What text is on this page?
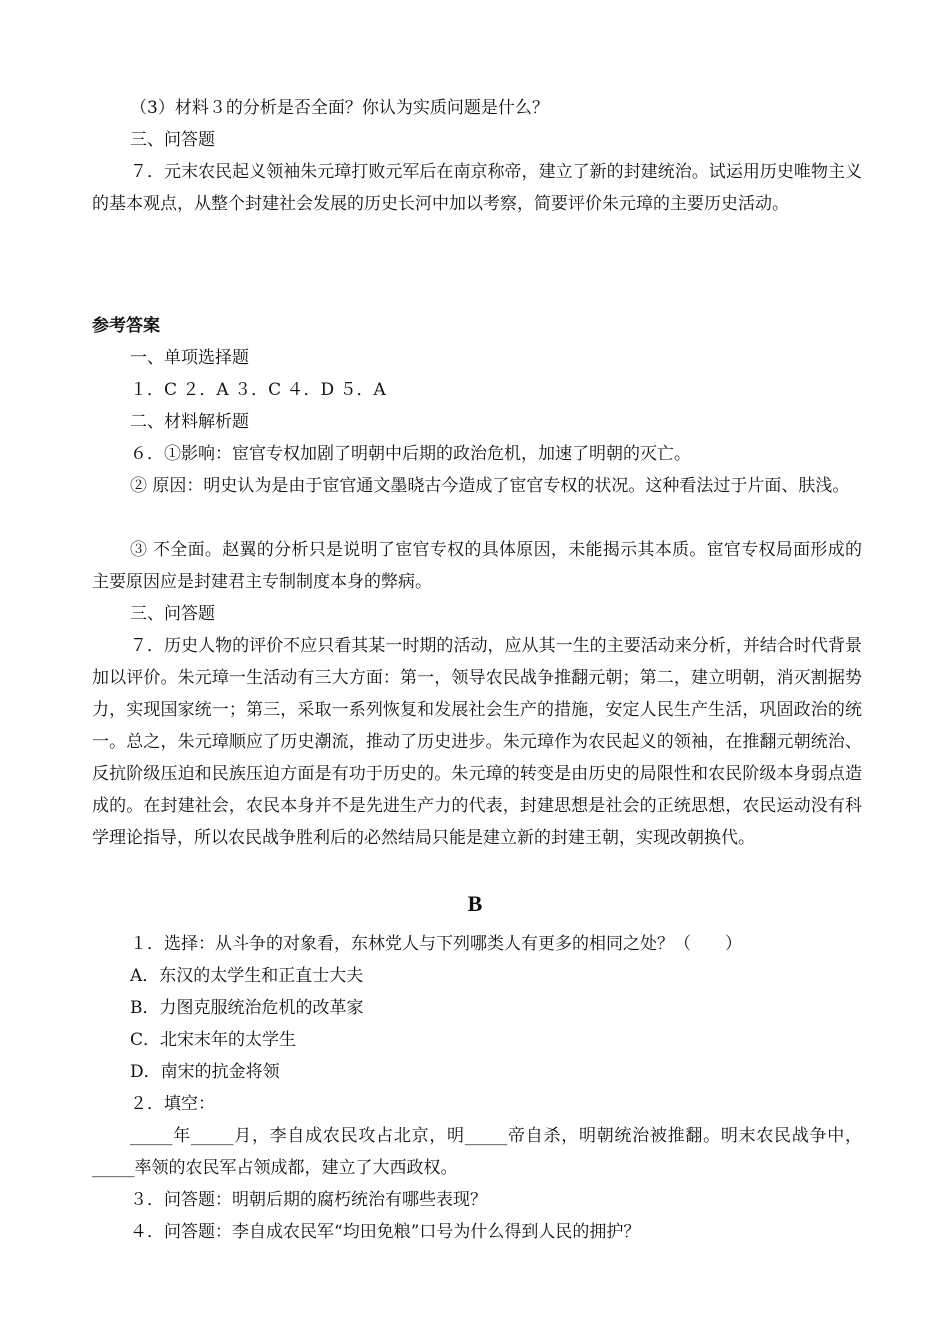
（3）材料３的分析是否全面？你认为实质问题是什么？
三、问答题
７．元末农民起义领袖朱元璋打败元军后在南京称帝，建立了新的封建统治。试运用历史唯物主义的基本观点，从整个封建社会发展的历史长河中加以考察，简要评价朱元璋的主要历史活动。
参考答案
一、单项选择题
１．C ２．A ３．C ４．D ５．A
二、材料解析题
６．①影响：宦官专权加剧了明朝中后期的政治危机，加速了明朝的灭亡。
② 原因：明史认为是由于宦官通文墨晓古今造成了宦官专权的状况。这种看法过于片面、肤浅。
③ 不全面。赵翼的分析只是说明了宦官专权的具体原因，未能揭示其本质。宦官专权局面形成的主要原因应是封建君主专制制度本身的弊病。
三、问答题
７．历史人物的评价不应只看其某一时期的活动，应从其一生的主要活动来分析，并结合时代背景加以评价。朱元璋一生活动有三大方面：第一，领导农民战争推翻元朝；第二，建立明朝，消灭割据势力，实现国家统一；第三，采取一系列恢复和发展社会生产的措施，安定人民生产生活，巩固政治的统一。总之，朱元璋顺应了历史潮流，推动了历史进步。朱元璋作为农民起义的领袖，在推翻元朝统治、反抗阶级压迫和民族压迫方面是有功于历史的。朱元璋的转变是由历史的局限性和农民阶级本身弱点造成的。在封建社会，农民本身并不是先进生产力的代表，封建思想是社会的正统思想，农民运动没有科学理论指导，所以农民战争胜利后的必然结局只能是建立新的封建王朝，实现改朝换代。
B
１．选择：从斗争的对象看，东林党人与下列哪类人有更多的相同之处？（　　）
A．东汉的太学生和正直士大夫
B．力图克服统治危机的改革家
C．北宋末年的太学生
D．南宋的抗金将领
２．填空：
_____年_____月，李自成农民攻占北京，明_____帝自杀，明朝统治被推翻。明末农民战争中，_____率领的农民军占领成都，建立了大西政权。
３．问答题：明朝后期的腐朽统治有哪些表现？
４．问答题：李自成农民军“均田免粮”口号为什么得到人民的拥护？
